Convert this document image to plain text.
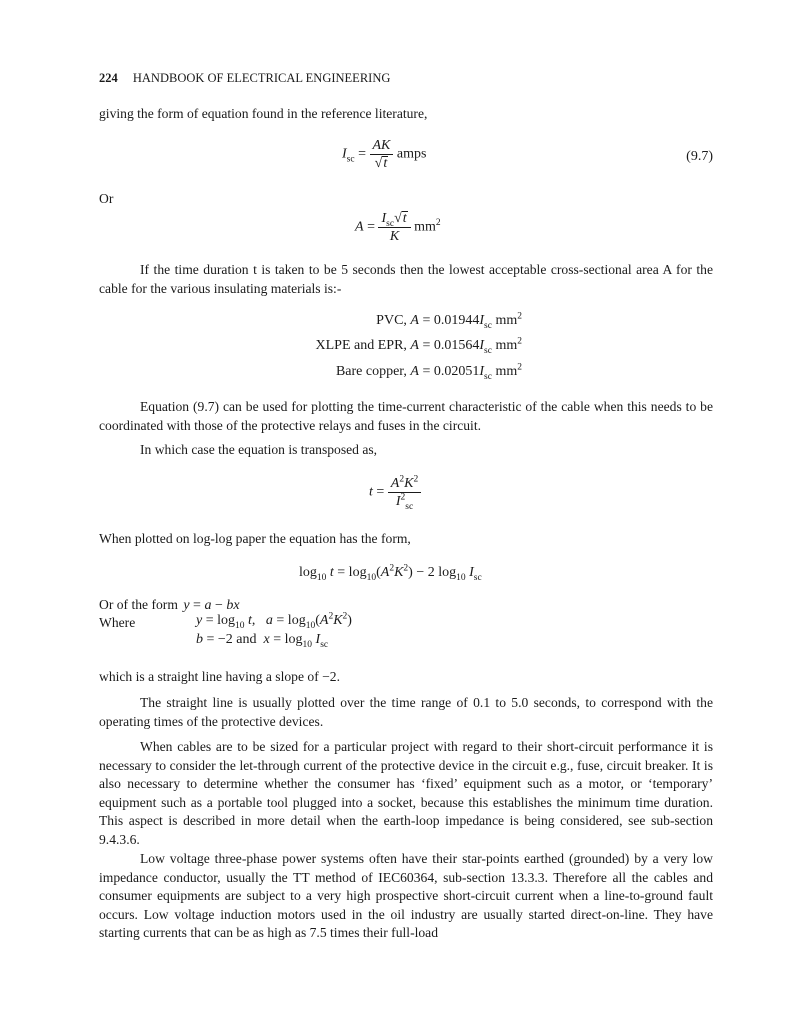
224 HANDBOOK OF ELECTRICAL ENGINEERING
giving the form of equation found in the reference literature,
$I_{sc} = \frac{AK}{√t}$ amps	(9.7)
Or
$A = \frac{I_{sc}√t}{K} mm^2$
If the time duration t is taken to be 5 seconds then the lowest acceptable cross-sectional area A for the cable for the various insulating materials is:-
PVC, $A = 0.01944I_{sc}$ $mm^2$
XLPE and EPR, $A = 0.01564I_{sc}$ $mm^2$
Bare copper, $A = 0.02051I_{sc}$ $mm^2$
Equation (9.7) can be used for plotting the time-current characteristic of the cable when this needs to be coordinated with those of the protective relays and fuses in the circuit.
In which case the equation is transposed as,
$t = \frac{A^2K^2}{I^2_{sc}}$
When plotted on log-log paper the equation has the form,
$\log_{10} t = \log_{10}(A^2K^2) - 2$ $\log_{10} I_{sc}$
Or of the form y = a − bx
Where	$y = \log_{10} t$,   $a = \log_{10}(A^2K^2)$
b = −2 and $x = \log_{10} I_{sc}$
which is a straight line having a slope of −2.
The straight line is usually plotted over the time range of 0.1 to 5.0 seconds, to correspond with the operating times of the protective devices.
When cables are to be sized for a particular project with regard to their short-circuit performance it is necessary to consider the let-through current of the protective device in the circuit e.g., fuse, circuit breaker. It is also necessary to determine whether the consumer has ‘fixed’ equipment such as a motor, or ‘temporary’ equipment such as a portable tool plugged into a socket, because this establishes the minimum time duration. This aspect is described in more detail when the earth-loop impedance is being considered, see sub-section 9.4.3.6.
Low voltage three-phase power systems often have their star-points earthed (grounded) by a very low impedance conductor, usually the TT method of IEC60364, sub-section 13.3.3. Therefore all the cables and consumer equipments are subject to a very high prospective short-circuit current when a line-to-ground fault occurs. Low voltage induction motors used in the oil industry are usually started direct-on-line. They have starting currents that can be as high as 7.5 times their full-load
